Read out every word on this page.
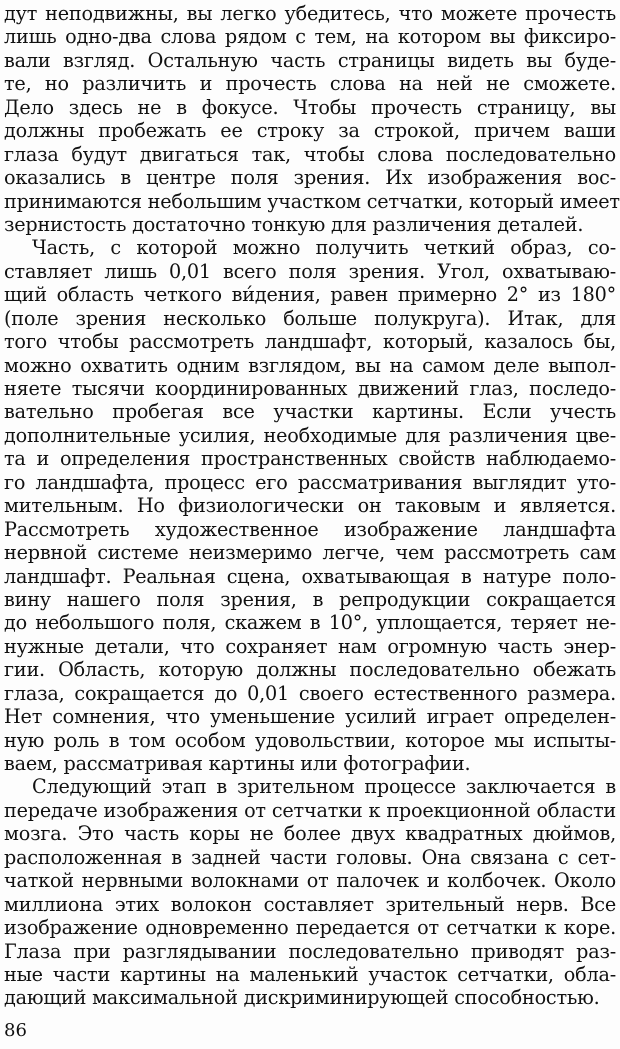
дут неподвижны, вы легко убедитесь, что можете прочесть
лишь одно-два слова рядом с тем, на котором вы фиксиро-
вали взгляд. Остальную часть страницы видеть вы буде-
те, но различить и прочесть слова на ней не сможете.
Дело здесь не в фокусе. Чтобы прочесть страницу, вы
должны пробежать ее строку за строкой, причем ваши
глаза будут двигаться так, чтобы слова последовательно
оказались в центре поля зрения. Их изображения вос-
принимаются небольшим участком сетчатки, который имеет
зернистость достаточно тонкую для различения деталей.
Часть, с которой можно получить четкий образ, со-
ставляет лишь 0,01 всего поля зрения. Угол, охватываю-
щий область четкого ви́дения, равен примерно 2° из 180°
(поле зрения несколько больше полукруга). Итак, для
того чтобы рассмотреть ландшафт, который, казалось бы,
можно охватить одним взглядом, вы на самом деле выпол-
няете тысячи координированных движений глаз, последо-
вательно пробегая все участки картины. Если учесть
дополнительные усилия, необходимые для различения цве-
та и определения пространственных свойств наблюдаемо-
го ландшафта, процесс его рассматривания выглядит уто-
мительным. Но физиологически он таковым и является.
Рассмотреть художественное изображение ландшафта
нервной системе неизмеримо легче, чем рассмотреть сам
ландшафт. Реальная сцена, охватывающая в натуре поло-
вину нашего поля зрения, в репродукции сокращается
до небольшого поля, скажем в 10°, уплощается, теряет не-
нужные детали, что сохраняет нам огромную часть энер-
гии. Область, которую должны последовательно обежать
глаза, сокращается до 0,01 своего естественного размера.
Нет сомнения, что уменьшение усилий играет определен-
ную роль в том особом удовольствии, которое мы испыты-
ваем, рассматривая картины или фотографии.
Следующий этап в зрительном процессе заключается в
передаче изображения от сетчатки к проекционной области
мозга. Это часть коры не более двух квадратных дюймов,
расположенная в задней части головы. Она связана с сет-
чаткой нервными волокнами от палочек и колбочек. Около
миллиона этих волокон составляет зрительный нерв. Все
изображение одновременно передается от сетчатки к коре.
Глаза при разглядывании последовательно приводят раз-
ные части картины на маленький участок сетчатки, обла-
дающий максимальной дискриминирующей способностью.
86
